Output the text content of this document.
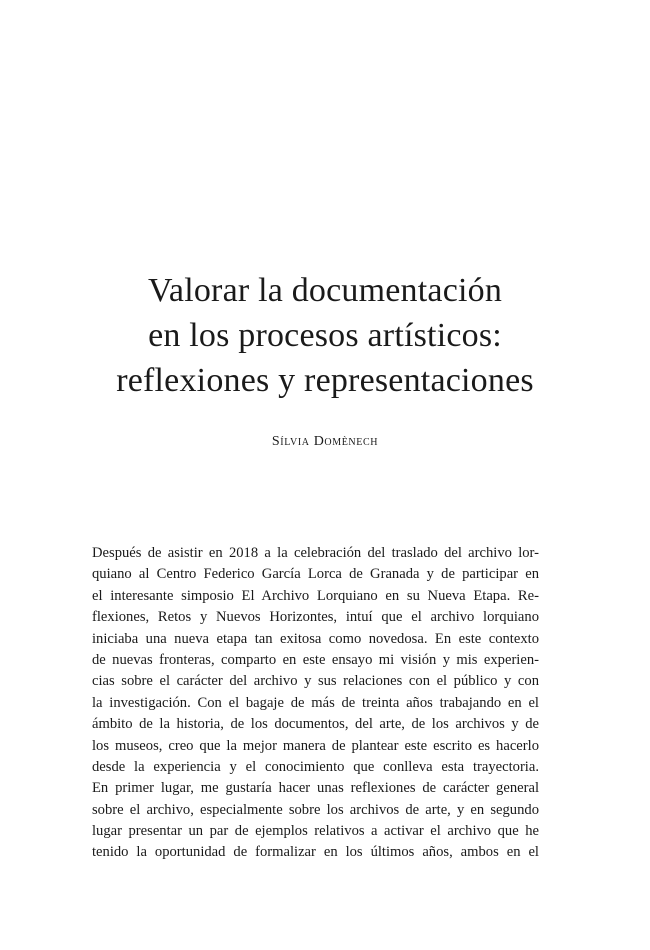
Valorar la documentación
en los procesos artísticos:
reflexiones y representaciones

Sílvia Domènech

Después de asistir en 2018 a la celebración del traslado del archivo lor-
quiano al Centro Federico García Lorca de Granada y de participar en
el interesante simposio El Archivo Lorquiano en su Nueva Etapa. Re-
flexiones, Retos y Nuevos Horizontes, intuí que el archivo lorquiano
iniciaba una nueva etapa tan exitosa como novedosa. En este contexto
de nuevas fronteras, comparto en este ensayo mi visión y mis experien-
cias sobre el carácter del archivo y sus relaciones con el público y con
la investigación. Con el bagaje de más de treinta años trabajando en el
ámbito de la historia, de los documentos, del arte, de los archivos y de
los museos, creo que la mejor manera de plantear este escrito es hacerlo
desde la experiencia y el conocimiento que conlleva esta trayectoria.
En primer lugar, me gustaría hacer unas reflexiones de carácter general
sobre el archivo, especialmente sobre los archivos de arte, y en segundo
lugar presentar un par de ejemplos relativos a activar el archivo que he
tenido la oportunidad de formalizar en los últimos años, ambos en el
